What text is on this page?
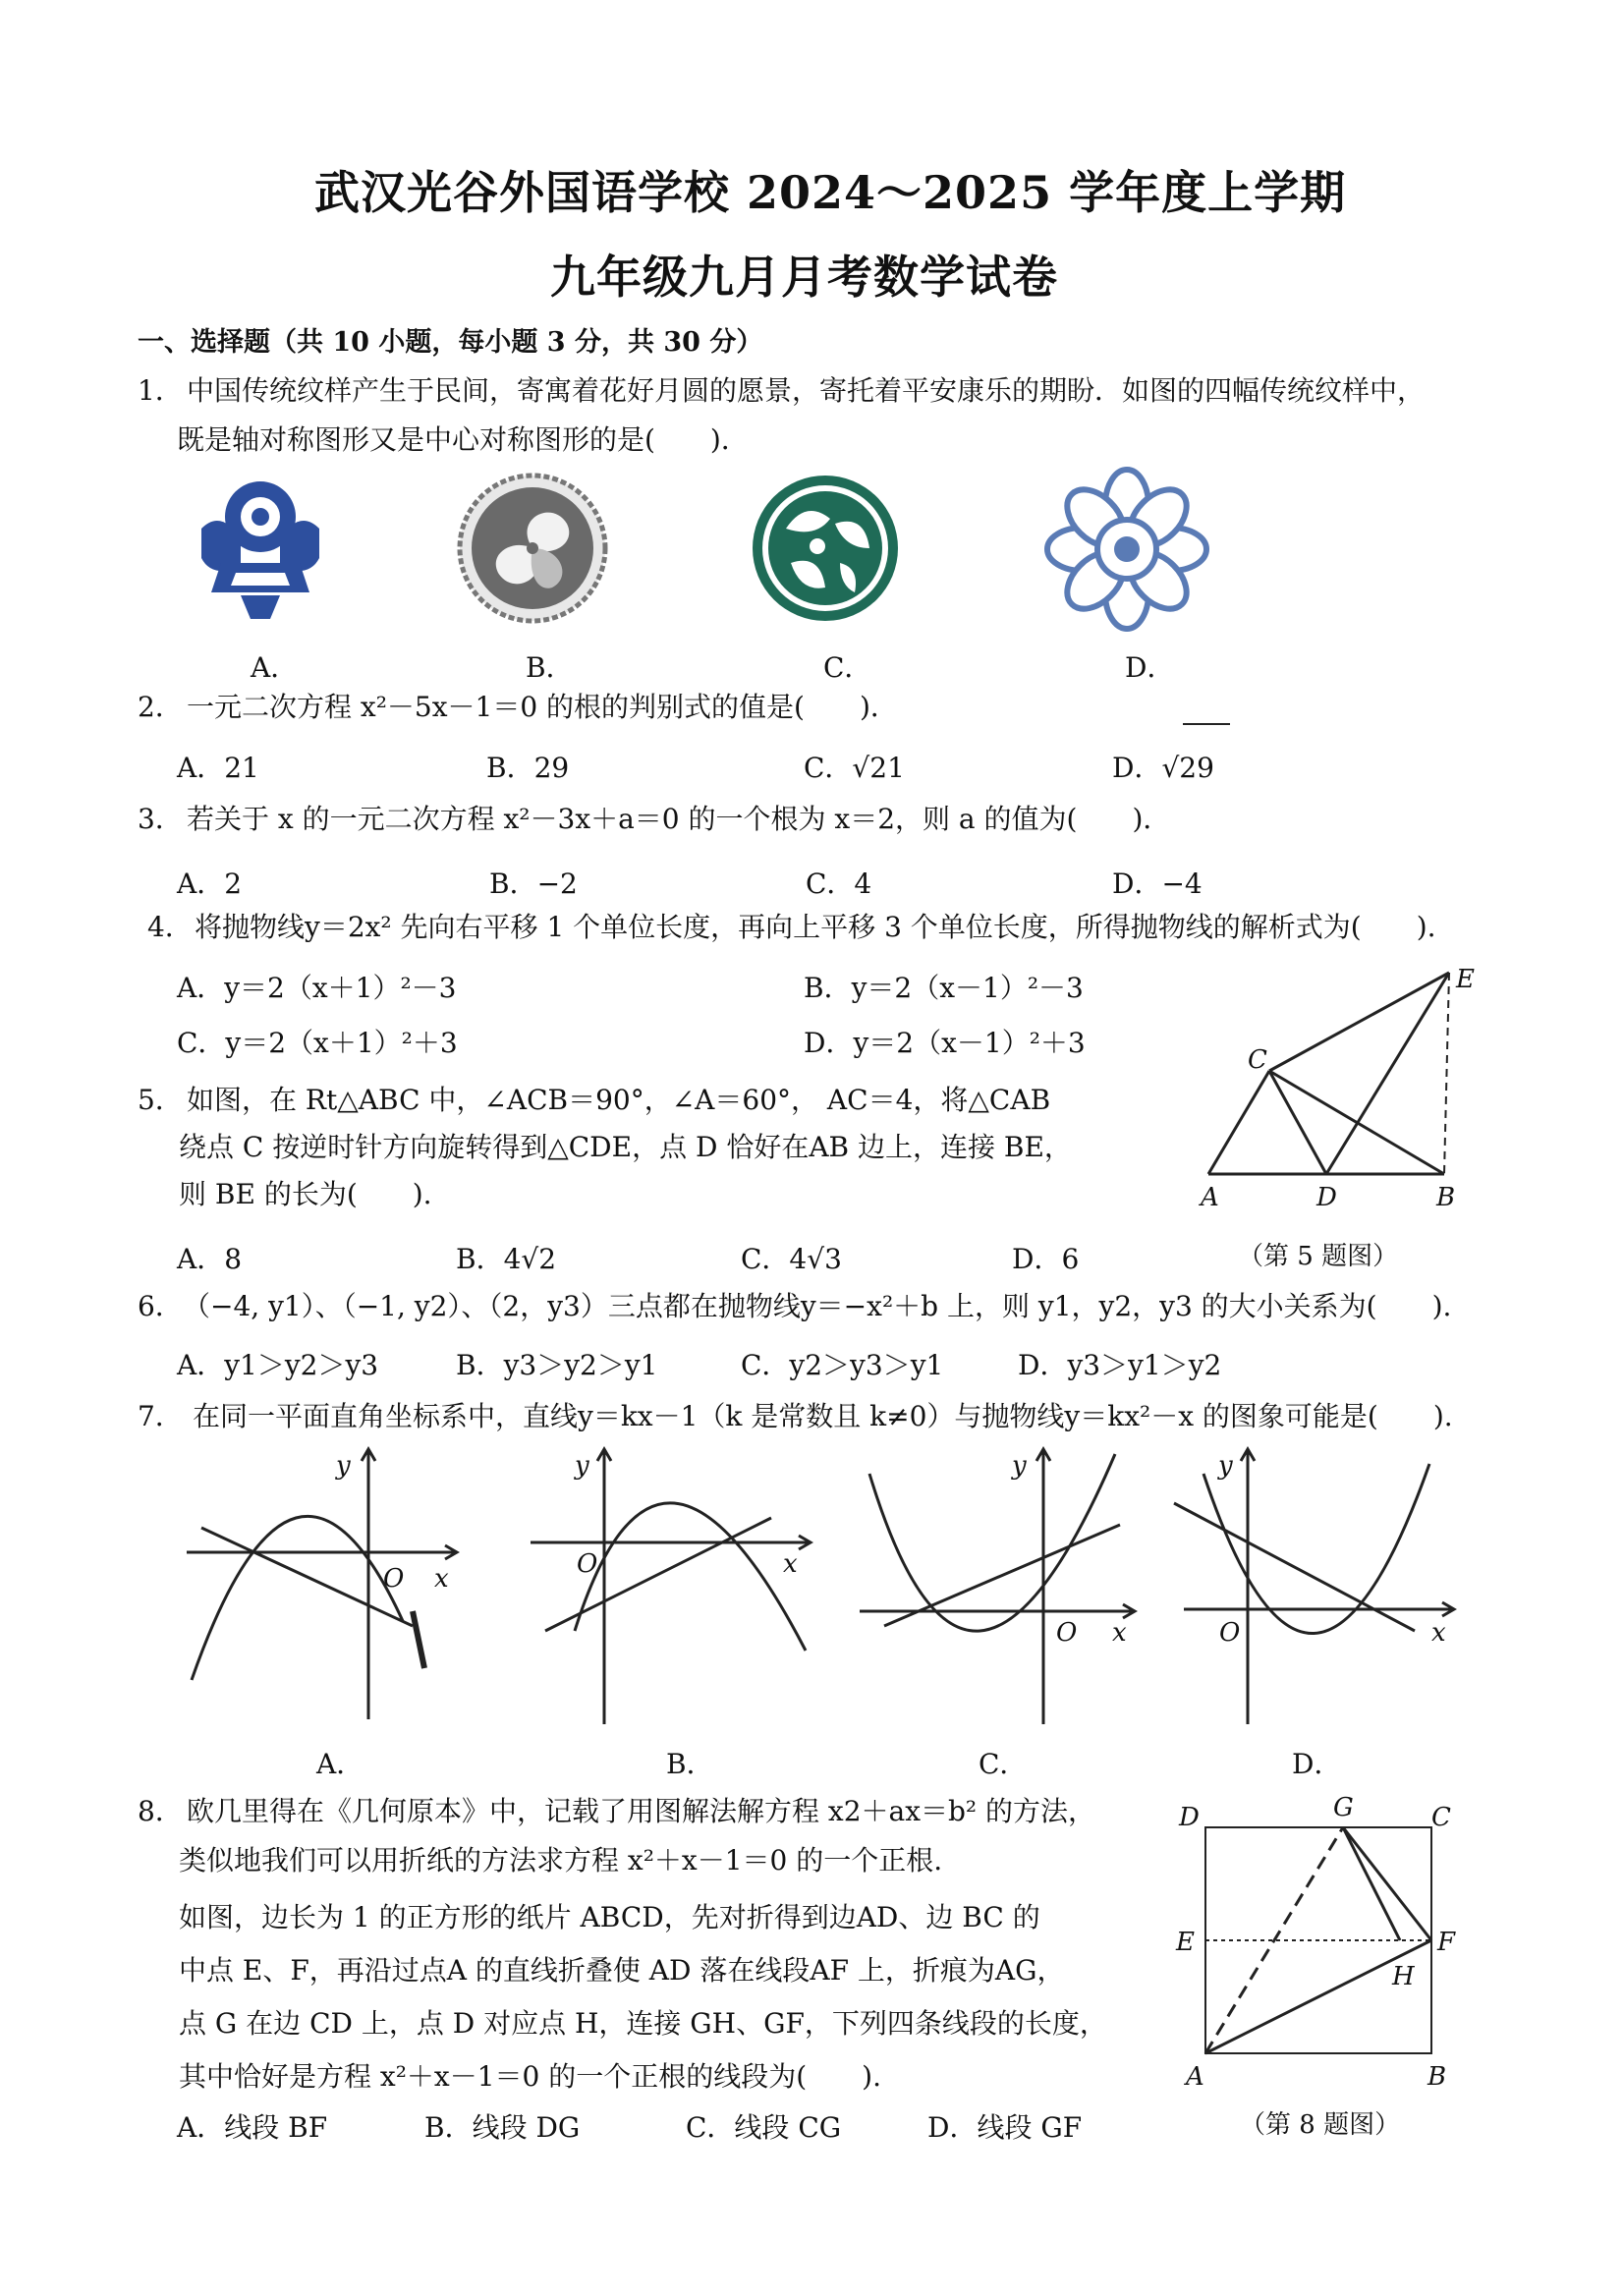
武汉光谷外国语学校 2024～2025 学年度上学期
九年级九月月考数学试卷
一、选择题（共 10 小题，每小题 3 分，共 30 分）
1． 中国传统纹样产生于民间，寄寓着花好月圆的愿景，寄托着平安康乐的期盼．如图的四幅传统纹样中，
既是轴对称图形又是中心对称图形的是(　　)．
A．	B．	C．	D．
2． 一元二次方程 x²－5x－1＝0 的根的判别式的值是(　　)．
A．21	B．29	C．√21	D．√29
3． 若关于 x 的一元二次方程 x²－3x＋a＝0 的一个根为 x＝2，则 a 的值为(　　)．
A．2	B．−2	C．4	D．−4
4． 将抛物线y＝2x² 先向右平移 1 个单位长度，再向上平移 3 个单位长度，所得抛物线的解析式为(　　).
A．y＝2（x＋1）²－3	B．y＝2（x－1）²－3
C．y＝2（x＋1）²＋3	D．y＝2（x－1）²＋3
5． 如图，在 Rt△ABC 中，∠ACB＝90°，∠A＝60°， AC＝4，将△CAB
绕点 C 按逆时针方向旋转得到△CDE，点 D 恰好在AB 边上，连接 BE，
则 BE 的长为(　　).
A．8	B．4√2	C．4√3	D．6
C
E
A	D	B
（第 5 题图）
6． （−4, y1）、（−1, y2）、（2，y3）三点都在抛物线y＝−x²＋b 上，则 y1，y2，y3 的大小关系为(　　).
A．y1＞y2＞y3	B．y3＞y2＞y1	C．y2＞y3＞y1	D．y3＞y1＞y2
7． 在同一平面直角坐标系中，直线y＝kx－1（k 是常数且 k≠0）与抛物线y＝kx²－x 的图象可能是(　　).
y
O x
A．
y
O	x
B．
y
O x
C．
y
O	x
D．
8． 欧几里得在《几何原本》中，记载了用图解法解方程 x2＋ax＝b² 的方法，
类似地我们可以用折纸的方法求方程 x²＋x－1＝0 的一个正根.
如图，边长为 1 的正方形的纸片 ABCD，先对折得到边AD、边 BC 的
中点 E、F，再沿过点A 的直线折叠使 AD 落在线段AF 上，折痕为AG，
点 G 在边 CD 上，点 D 对应点 H，连接 GH、GF，下列四条线段的长度，
其中恰好是方程 x²＋x－1＝0 的一个正根的线段为(　　).
A．线段 BF	B．线段 DG	C．线段 CG	D．线段 GF
D	G	C
E	F
H
A	B
（第 8 题图）
